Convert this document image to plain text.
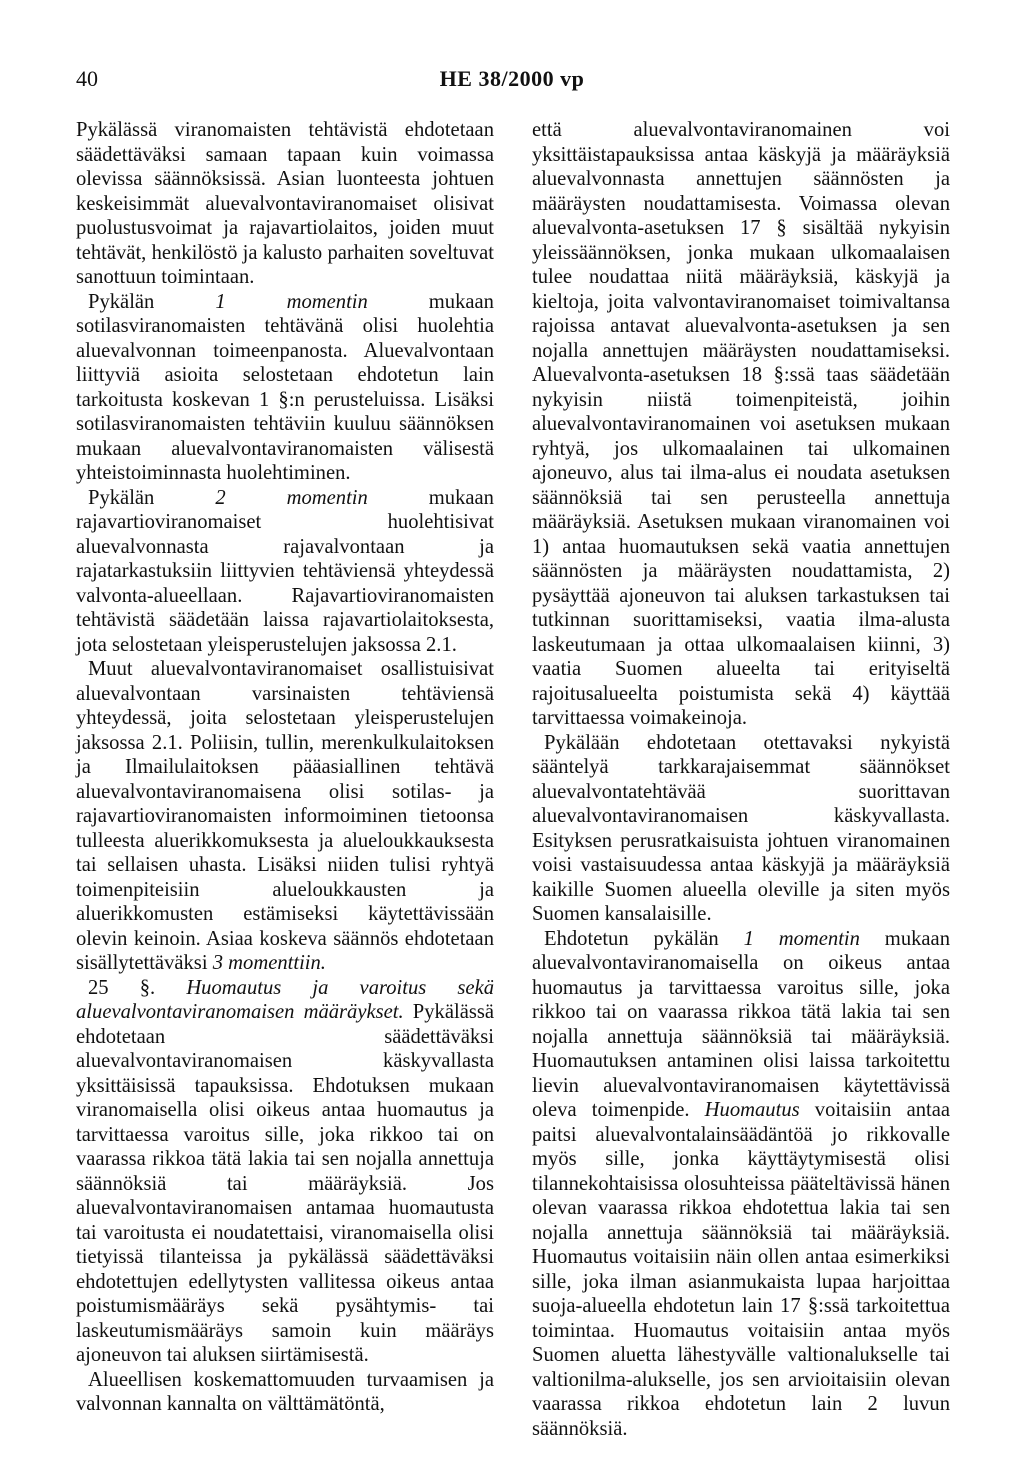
40	HE 38/2000 vp

Pykälässä viranomaisten tehtävistä ehdotetaan säädettäväksi samaan tapaan kuin voimassa olevissa säännöksissä. Asian luonteesta johtuen keskeisimmät aluevalvontaviranomaiset olisivat puolustusvoimat ja rajavartiolaitos, joiden muut tehtävät, henkilöstö ja kalusto parhaiten soveltuvat sanottuun toimintaan.

Pykälän	1 momentin	mukaan sotilasviranomaisten tehtävänä olisi huolehtia aluevalvonnan toimeenpanosta. Aluevalvontaan liittyviä asioita selostetaan ehdotetun lain tarkoitusta koskevan 1 §:n perusteluissa. Lisäksi sotilasviranomaisten tehtäviin kuuluu säännöksen mukaan aluevalvontaviranomaisten välisestä yhteistoiminnasta huolehtiminen.

Pykälän	2 momentin	mukaan rajavartioviranomaiset huolehtisivat aluevalvonnasta rajavalvontaan ja rajatarkastuksiin liittyvien tehtäviensä yhteydessä valvonta-alueellaan. Rajavartioviranomaisten tehtävistä säädetään laissa rajavartiolaitoksesta, jota selostetaan yleisperustelujen jaksossa 2.1.

Muut aluevalvontaviranomaiset osallistuisivat aluevalvontaan varsinaisten tehtäviensä yhteydessä, joita selostetaan yleisperustelujen jaksossa 2.1. Poliisin, tullin, merenkulkulaitoksen ja Ilmailulaitoksen pääasiallinen tehtävä aluevalvontaviranomaisena olisi sotilas- ja rajavartioviranomaisten informoiminen tietoonsa tulleesta aluerikkomuksesta ja alueloukkauksesta tai sellaisen uhasta. Lisäksi niiden tulisi ryhtyä toimenpiteisiin alueloukkausten ja aluerikkomusten estämiseksi käytettävissään olevin keinoin. Asiaa koskeva säännös ehdotetaan sisällytettäväksi 3 momenttiin.

25 §. Huomautus ja varoitus sekä aluevalvontaviranomaisen määräykset. Pykälässä ehdotetaan säädettäväksi aluevalvontaviranomaisen käskyvallasta yksittäisissä tapauksissa. Ehdotuksen mukaan viranomaisella olisi oikeus antaa huomautus ja tarvittaessa varoitus sille, joka rikkoo tai on vaarassa rikkoa tätä lakia tai sen nojalla annettuja säännöksiä tai määräyksiä. Jos aluevalvontaviranomaisen antamaa huomautusta tai varoitusta ei noudatettaisi, viranomaisella olisi tietyissä tilanteissa ja pykälässä säädettäväksi ehdotettujen edellytysten vallitessa oikeus antaa poistumismääräys sekä pysähtymis- tai laskeutumismääräys samoin kuin määräys ajoneuvon tai aluksen siirtämisestä.

Alueellisen koskemattomuuden turvaamisen ja valvonnan kannalta on välttämätöntä,

että aluevalvontaviranomainen voi yksittäistapauksissa antaa käskyjä ja määräyksiä aluevalvonnasta annettujen säännösten ja määräysten noudattamisesta. Voimassa olevan aluevalvonta-asetuksen 17 § sisältää nykyisin yleissäännöksen, jonka mukaan ulkomaalaisen tulee noudattaa niitä määräyksiä, käskyjä ja kieltoja, joita valvontaviranomaiset toimivaltansa rajoissa antavat aluevalvonta-asetuksen ja sen nojalla annettujen määräysten noudattamiseksi. Aluevalvonta-asetuksen 18 §:ssä taas säädetään nykyisin niistä toimenpiteistä, joihin aluevalvontaviranomainen voi asetuksen mukaan ryhtyä, jos ulkomaalainen tai ulkomainen ajoneuvo, alus tai ilma-alus ei noudata asetuksen säännöksiä tai sen perusteella annettuja määräyksiä. Asetuksen mukaan viranomainen voi 1) antaa huomautuksen sekä vaatia annettujen säännösten ja määräysten noudattamista, 2) pysäyttää ajoneuvon tai aluksen tarkastuksen tai tutkinnan suorittamiseksi, vaatia ilma-alusta laskeutumaan ja ottaa ulkomaalaisen kiinni, 3) vaatia Suomen alueelta tai erityiseltä rajoitusalueelta poistumista sekä 4) käyttää tarvittaessa voimakeinoja.

Pykälään ehdotetaan otettavaksi nykyistä sääntelyä tarkkarajaisemmat säännökset aluevalvontatehtävää suorittavan aluevalvontaviranomaisen käskyvallasta. Esityksen perusratkaisuista johtuen viranomainen voisi vastaisuudessa antaa käskyjä ja määräyksiä kaikille Suomen alueella oleville ja siten myös Suomen kansalaisille.

Ehdotetun pykälän 1 momentin mukaan aluevalvontaviranomaisella on oikeus antaa huomautus ja tarvittaessa varoitus sille, joka rikkoo tai on vaarassa rikkoa tätä lakia tai sen nojalla annettuja säännöksiä tai määräyksiä. Huomautuksen antaminen olisi laissa tarkoitettu lievin aluevalvontaviranomaisen käytettävissä oleva toimenpide. Huomautus voitaisiin antaa paitsi aluevalvontalainsäädäntöä jo rikkovalle myös sille, jonka käyttäytymisestä olisi tilannekohtaisissa olosuhteissa pääteltävissä hänen olevan vaarassa rikkoa ehdotettua lakia tai sen nojalla annettuja säännöksiä tai määräyksiä. Huomautus voitaisiin näin ollen antaa esimerkiksi sille, joka ilman asianmukaista lupaa harjoittaa suoja-alueella ehdotetun lain 17 §:ssä tarkoitettua toimintaa. Huomautus voitaisiin antaa myös Suomen aluetta lähestyvälle valtionalukselle tai valtionilma-alukselle, jos sen arvioitaisiin olevan vaarassa rikkoa ehdotetun lain 2 luvun säännöksiä.
